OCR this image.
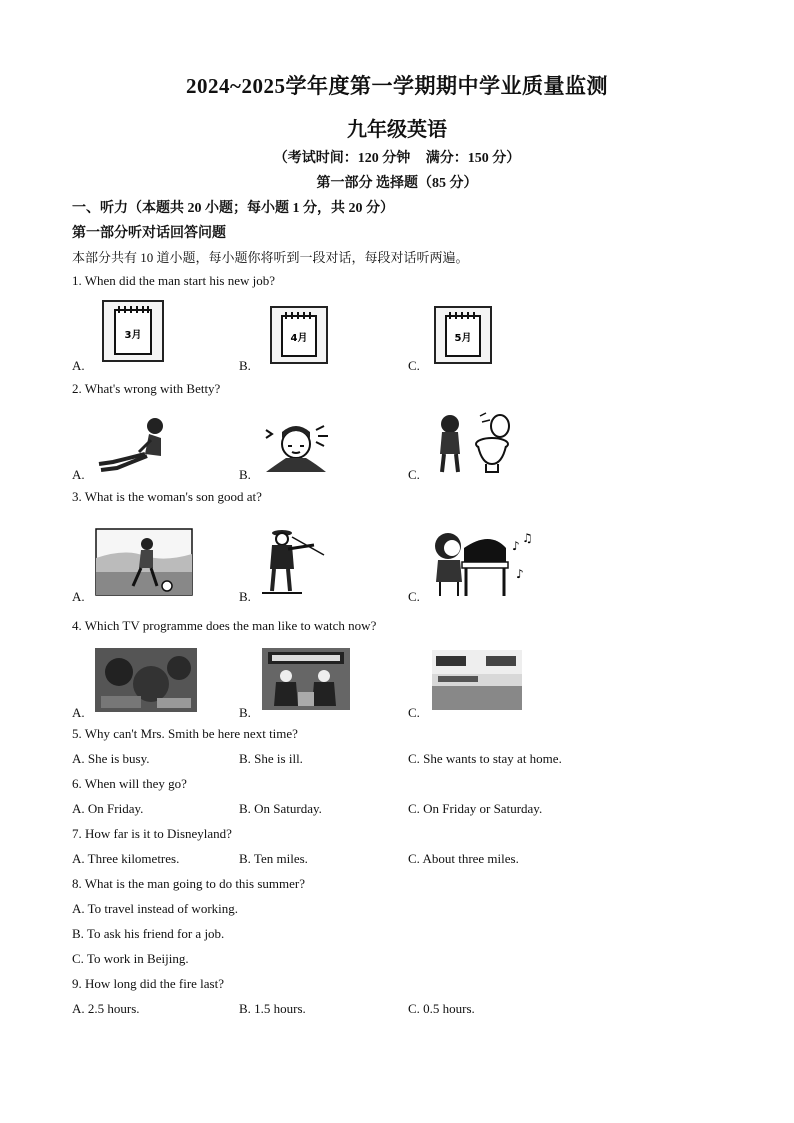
2024~2025学年度第一学期期中学业质量监测
九年级英语
（考试时间：120 分钟 满分：150 分）
第一部分 选择题（85 分）
一、听力（本题共 20 小题；每小题 1 分，共 20 分）
第一部分听对话回答问题
本部分共有 10 道小题，每小题你将听到一段对话，每段对话听两遍。
1. When did the man start his new job?
A.	B.	C.
3月	4月	5月
2. What's wrong with Betty?
A.	B.	C.
3. What is the woman's son good at?
A.	B.	C.
♪
♫
♪
4. Which TV programme does the man like to watch now?
A.	B.	C.
5. Why can't Mrs. Smith be here next time?
A. She is busy.	B. She is ill.	C. She wants to stay at home.
6. When will they go?
A. On Friday.	B. On Saturday.	C. On Friday or Saturday.
7. How far is it to Disneyland?
A. Three kilometres.	B. Ten miles.	C. About three miles.
8. What is the man going to do this summer?
A. To travel instead of working.
B. To ask his friend for a job.
C. To work in Beijing.
9. How long did the fire last?
A. 2.5 hours.	B. 1.5 hours.	C. 0.5 hours.
